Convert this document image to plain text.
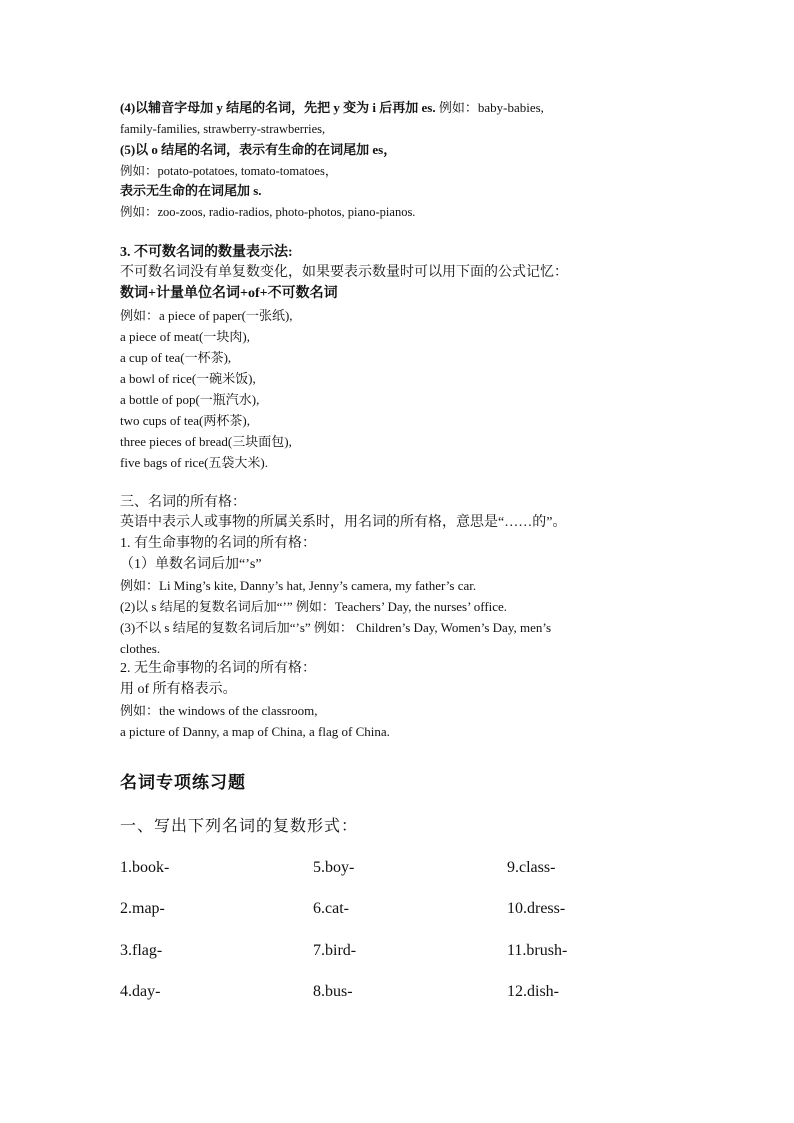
(4)以辅音字母加 y 结尾的名词，先把 y 变为 i 后再加 es. 例如：baby-babies,
family-families, strawberry-strawberries,
(5)以 o 结尾的名词，表示有生命的在词尾加 es，
例如：potato-potatoes, tomato-tomatoes，
表示无生命的在词尾加 s.
例如：zoo-zoos, radio-radios, photo-photos, piano-pianos.
3. 不可数名词的数量表示法:
不可数名词没有单复数变化，如果要表示数量时可以用下面的公式记忆：
数词+计量单位名词+of+不可数名词
例如：a piece of paper(一张纸),
a piece of meat(一块肉),
a cup of tea(一杯茶),
a bowl of rice(一碗米饭),
a bottle of pop(一瓶汽水),
two cups of tea(两杯茶),
three pieces of bread(三块面包),
five bags of rice(五袋大米).
三、名词的所有格：
英语中表示人或事物的所属关系时，用名词的所有格，意思是“……的”。
1. 有生命事物的名词的所有格：
（1）单数名词后加“’s”
例如：Li Ming’s kite, Danny’s hat, Jenny’s camera, my father’s car.
(2)以 s 结尾的复数名词后加“’” 例如：Teachers’ Day, the nurses’ office.
(3)不以 s 结尾的复数名词后加“’s” 例如： Children’s Day, Women’s Day, men’s
clothes.
2. 无生命事物的名词的所有格：
用 of 所有格表示。
例如：the windows of the classroom,
a picture of Danny, a map of China, a flag of China.
名词专项练习题
一、写出下列名词的复数形式：
1.book-	5.boy-	9.class-
2.map-	6.cat-	10.dress-
3.flag-	7.bird-	11.brush-
4.day-	8.bus-	12.dish-
